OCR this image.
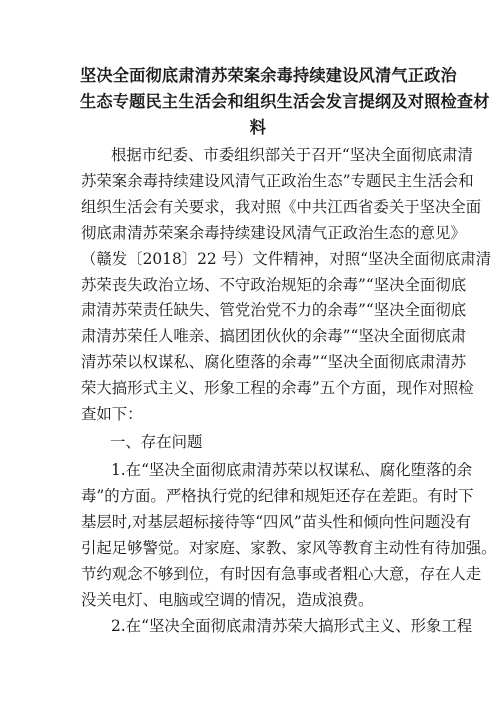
坚决全面彻底肃清苏荣案余毒持续建设风清气正政治
生态专题民主生活会和组织生活会发言提纲及对照检查材
料

根据市纪委、市委组织部关于召开“坚决全面彻底肃清
苏荣案余毒持续建设风清气正政治生态”专题民主生活会和
组织生活会有关要求，我对照《中共江西省委关于坚决全面
彻底肃清苏荣案余毒持续建设风清气正政治生态的意见》
（赣发〔2018〕22 号）文件精神，对照“坚决全面彻底肃清
苏荣丧失政治立场、不守政治规矩的余毒”“坚决全面彻底
肃清苏荣责任缺失、管党治党不力的余毒”“坚决全面彻底
肃清苏荣任人唯亲、搞团团伙伙的余毒”“坚决全面彻底肃
清苏荣以权谋私、腐化堕落的余毒”“坚决全面彻底肃清苏
荣大搞形式主义、形象工程的余毒”五个方面，现作对照检
查如下：

一、存在问题

1.在“坚决全面彻底肃清苏荣以权谋私、腐化堕落的余
毒”的方面。严格执行党的纪律和规矩还存在差距。有时下
基层时,对基层超标接待等“四风”苗头性和倾向性问题没有
引起足够警觉。对家庭、家教、家风等教育主动性有待加强。
节约观念不够到位，有时因有急事或者粗心大意，存在人走
没关电灯、电脑或空调的情况，造成浪费。

2.在“坚决全面彻底肃清苏荣大搞形式主义、形象工程
